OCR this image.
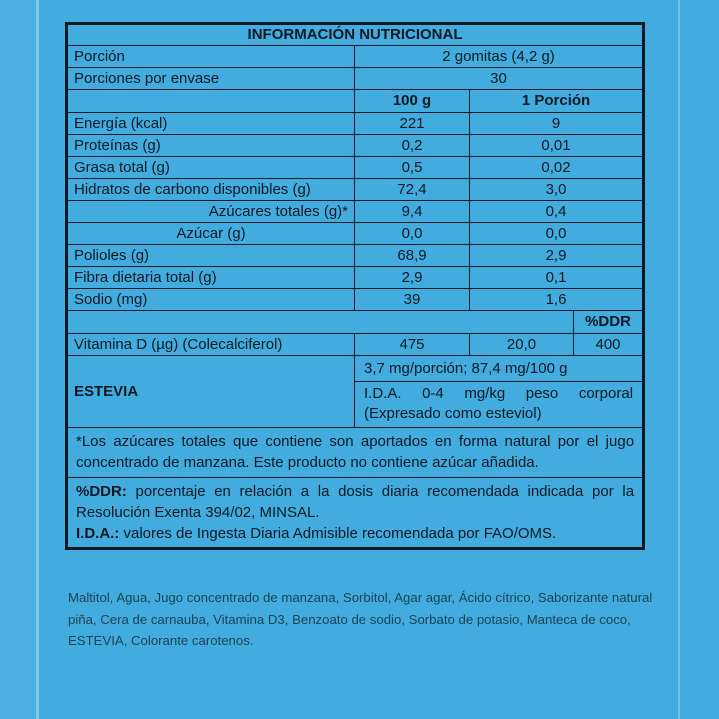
INFORMACIÓN NUTRICIONAL			
Porción	2 gomitas (4,2 g)		
Porciones por envase	30		
	100 g	1 Porción	
Energía (kcal)	221	9	
Proteínas (g)	0,2	0,01	
Grasa total (g)	0,5	0,02	
Hidratos de carbono disponibles (g)	72,4	3,0	
Azúcares totales (g)*	9,4	0,4	
Azúcar (g)	0,0	0,0	
Polioles (g)	68,9	2,9	
Fibra dietaria total (g)	2,9	0,1	
Sodio (mg)	39	1,6	
			%DDR
Vitamina D (µg) (Colecalciferol)	475	20,0	400
ESTEVIA	3,7 mg/porción; 87,4 mg/100 g		

	I.D.A. 0-4 mg/kg peso corporal
(Expresado como esteviol)		
*Los azúcares totales que contiene son aportados en forma natural por el jugo concentrado de manzana. Este producto no contiene azúcar añadida.			

%DDR: porcentaje en relación a la dosis diaria recomendada indicada por la Resolución Exenta 394/02, MINSAL.
I.D.A.: valores de Ingesta Diaria Admisible recomendada por FAO/OMS.			
Maltitol, Agua, Jugo concentrado de manzana, Sorbitol, Agar agar, Ácido cítrico, Saborizante natural piña, Cera de carnauba, Vitamina D3, Benzoato de sodio, Sorbato de potasio, Manteca de coco, ESTEVIA, Colorante carotenos.
